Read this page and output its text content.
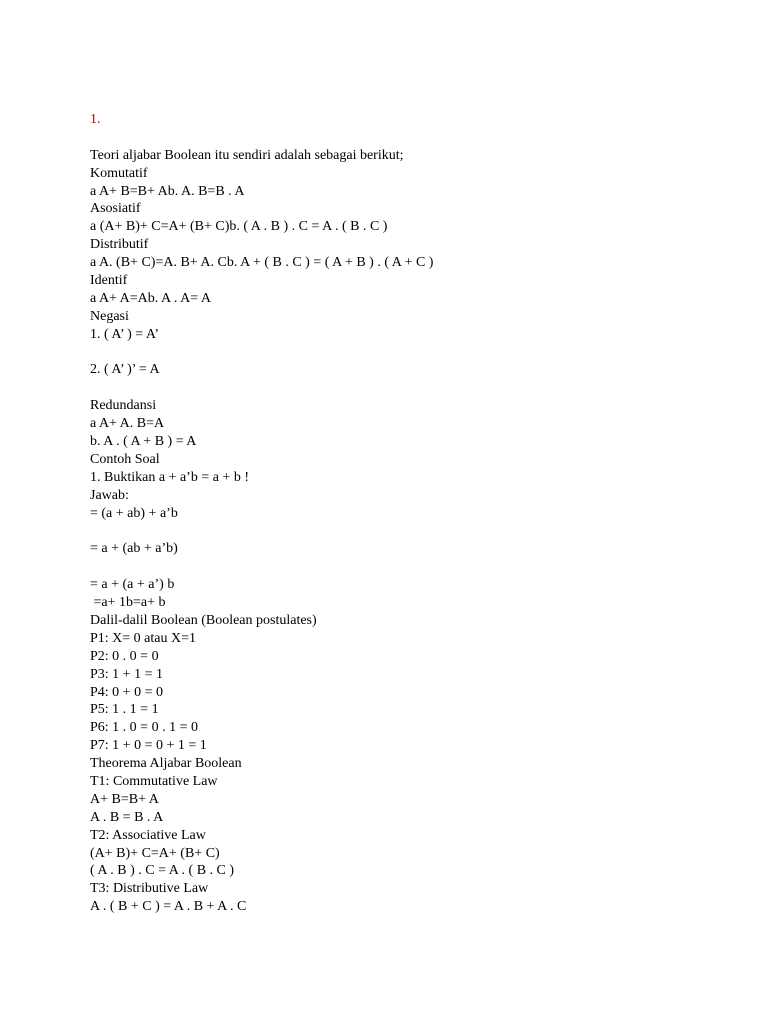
1.
Teori aljabar Boolean itu sendiri adalah sebagai berikut;
Komutatif
a A+ B=B+ Ab. A. B=B . A
Asosiatif
a (A+ B)+ C=A+ (B+ C)b. ( A . B ) . C = A . ( B . C )
Distributif
a A. (B+ C)=A. B+ A. Cb. A + ( B . C ) = ( A + B ) . ( A + C )
Identif
a A+ A=Ab. A . A= A
Negasi
1. ( A’ ) = A’
2. ( A’ )’ = A
Redundansi
a A+ A. B=A
b. A . ( A + B ) = A
Contoh Soal
1. Buktikan a + a’b = a + b !
Jawab:
= (a + ab) + a’b
= a + (ab + a’b)
= a + (a + a’) b
=a+ 1b=a+ b
Dalil-dalil Boolean (Boolean postulates)
P1: X= 0 atau X=1
P2: 0 . 0 = 0
P3: 1 + 1 = 1
P4: 0 + 0 = 0
P5: 1 . 1 = 1
P6: 1 . 0 = 0 . 1 = 0
P7: 1 + 0 = 0 + 1 = 1
Theorema Aljabar Boolean
T1: Commutative Law
A+ B=B+ A
A . B = B . A
T2: Associative Law
(A+ B)+ C=A+ (B+ C)
( A . B ) . C = A . ( B . C )
T3: Distributive Law
A . ( B + C ) = A . B + A . C
